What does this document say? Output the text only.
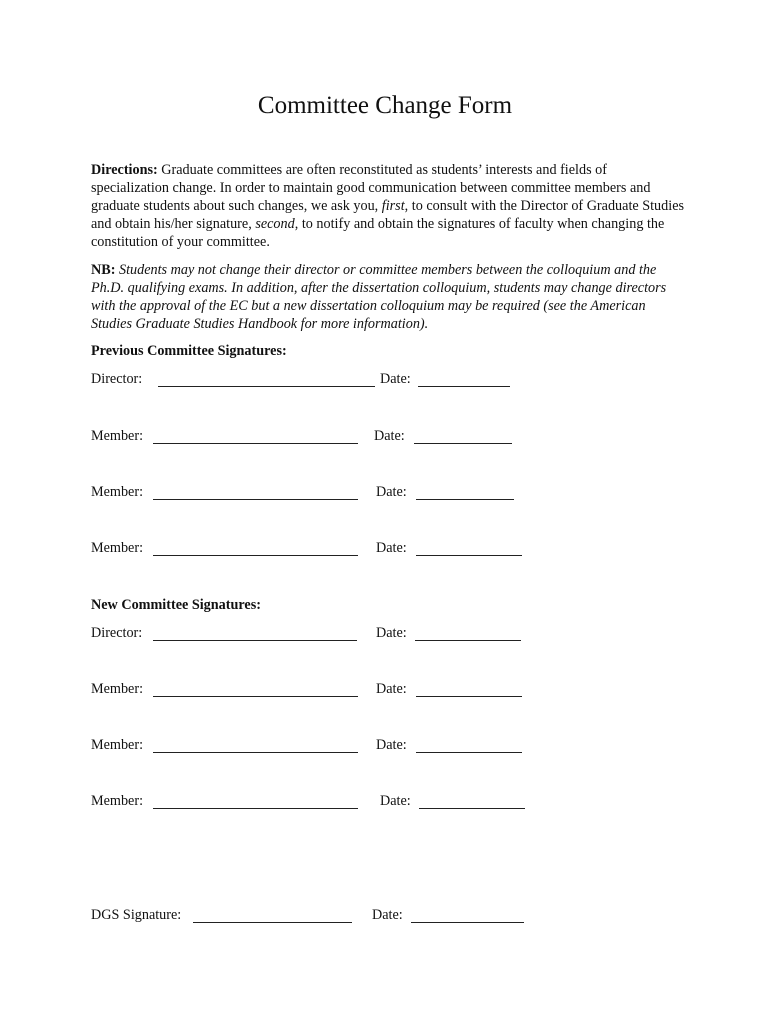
Committee Change Form

Directions: Graduate committees are often reconstituted as students’ interests and fields of specialization change. In order to maintain good communication between committee members and graduate students about such changes, we ask you, first, to consult with the Director of Graduate Studies and obtain his/her signature, second, to notify and obtain the signatures of faculty when changing the constitution of your committee.

NB: Students may not change their director or committee members between the colloquium and the Ph.D. qualifying exams. In addition, after the dissertation colloquium, students may change directors with the approval of the EC but a new dissertation colloquium may be required (see the American Studies Graduate Studies Handbook for more information).

Previous Committee Signatures:

Director:	Date:
Member:	Date:
Member:	Date:
Member:	Date:

New Committee Signatures:

Director:	Date:
Member:	Date:
Member:	Date:
Member:	Date:
DGS Signature:	Date:
